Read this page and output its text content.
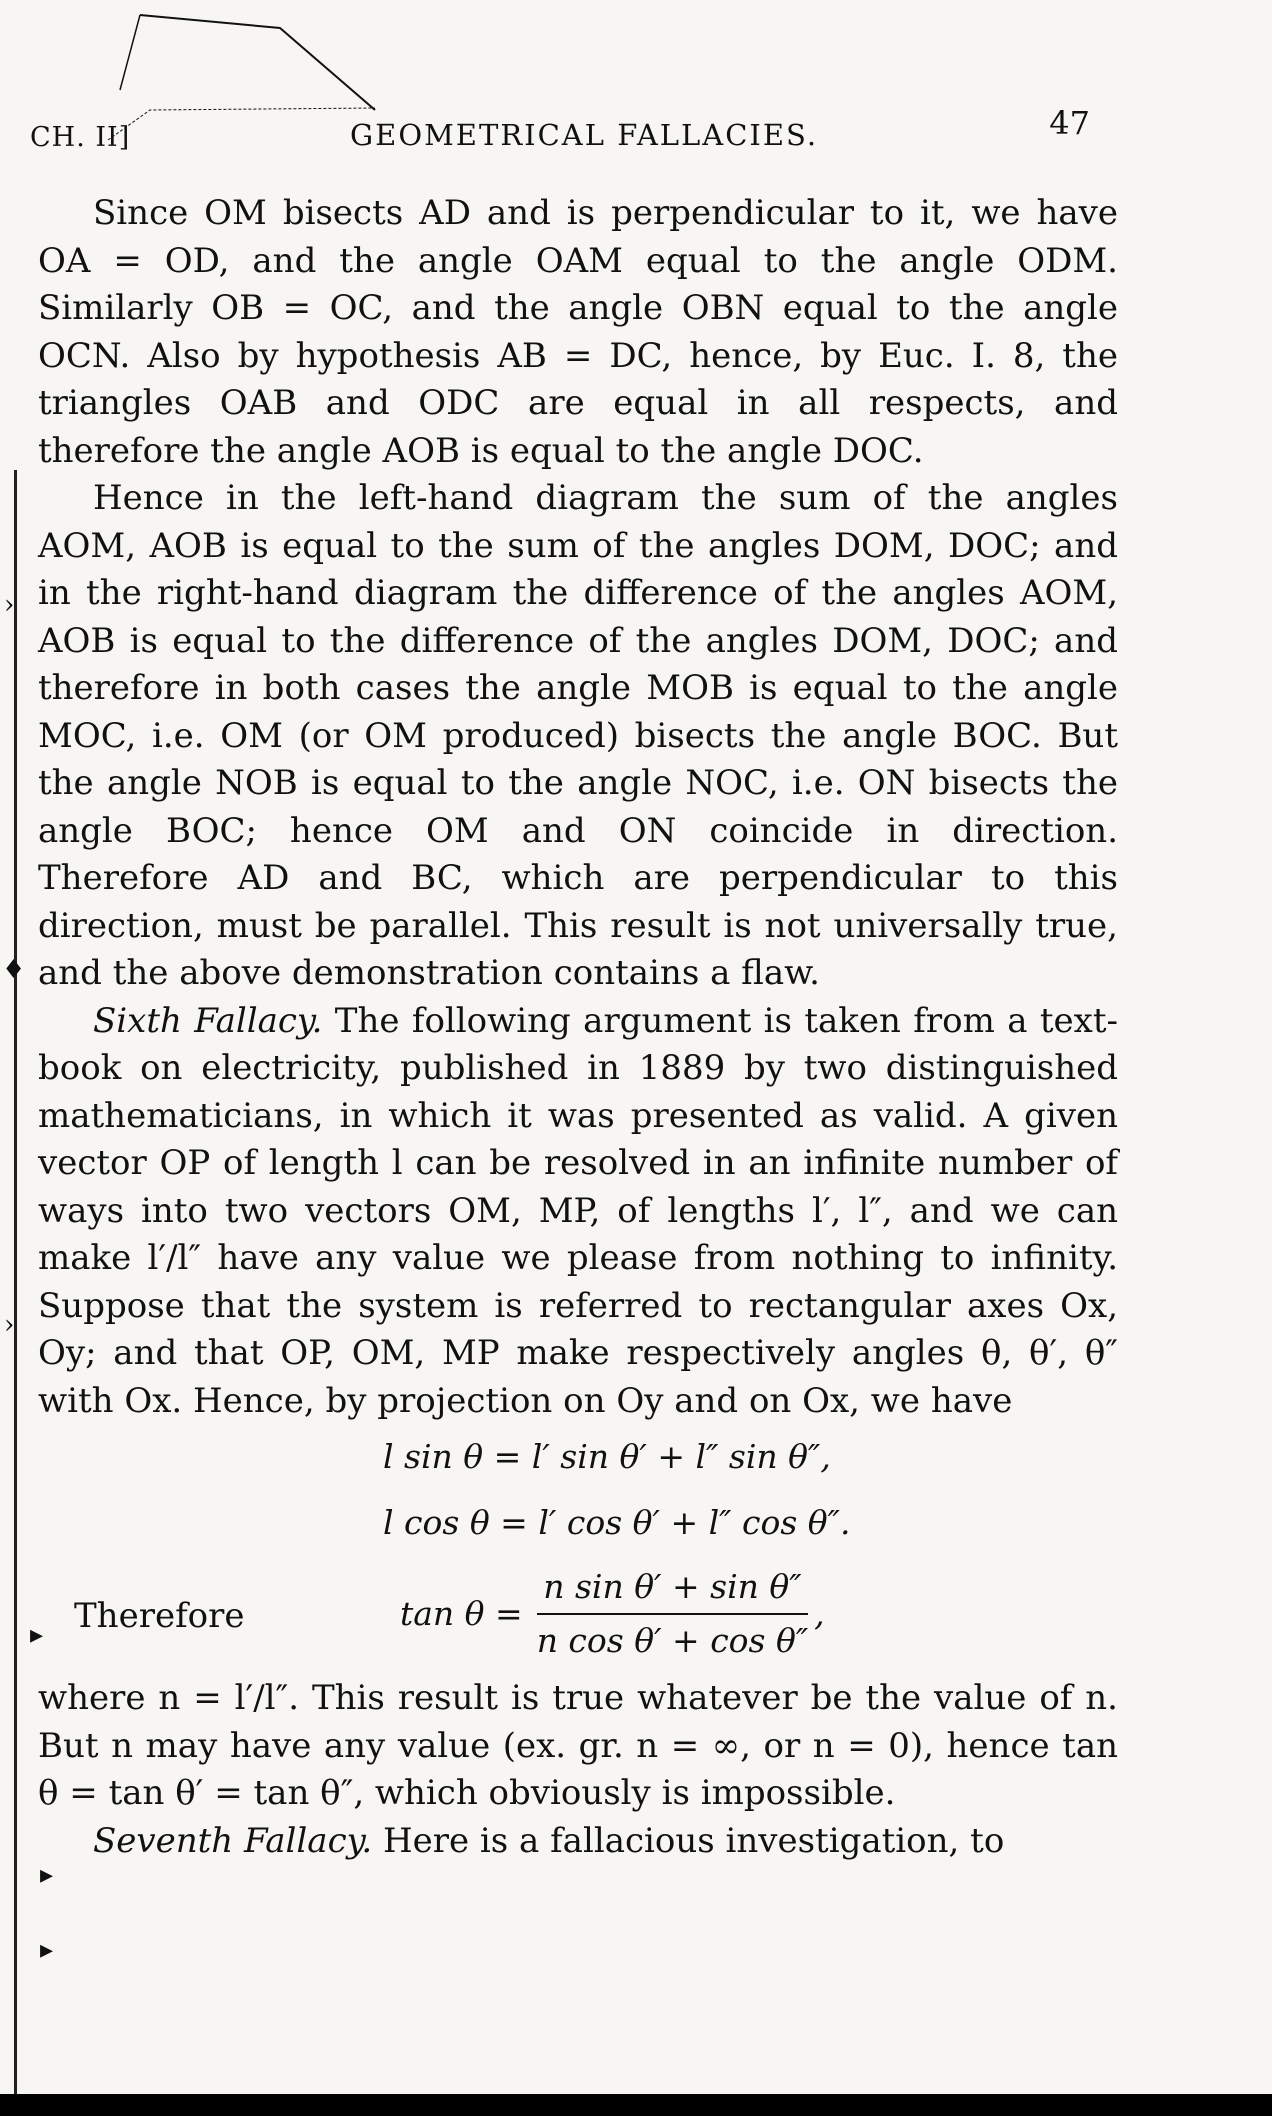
CH. II]	GEOMETRICAL FALLACIES.	47
›
♦
›
▸
▸
▸

Since OM bisects AD and is perpendicular to it, we have OA = OD, and the angle OAM equal to the angle ODM. Similarly OB = OC, and the angle OBN equal to the angle OCN. Also by hypothesis AB = DC, hence, by Euc. I. 8, the triangles OAB and ODC are equal in all respects, and therefore the angle AOB is equal to the angle DOC.

Hence in the left-hand diagram the sum of the angles AOM, AOB is equal to the sum of the angles DOM, DOC; and in the right-hand diagram the difference of the angles AOM, AOB is equal to the difference of the angles DOM, DOC; and therefore in both cases the angle MOB is equal to the angle MOC, i.e. OM (or OM produced) bisects the angle BOC. But the angle NOB is equal to the angle NOC, i.e. ON bisects the angle BOC; hence OM and ON coincide in direction. Therefore AD and BC, which are perpendicular to this direction, must be parallel. This result is not universally true, and the above demonstration contains a flaw.

Sixth Fallacy. The following argument is taken from a text-book on electricity, published in 1889 by two distinguished mathematicians, in which it was presented as valid. A given vector OP of length l can be resolved in an infinite number of ways into two vectors OM, MP, of lengths l′, l″, and we can make l′/l″ have any value we please from nothing to infinity. Suppose that the system is referred to rectangular axes Ox, Oy; and that OP, OM, MP make respectively angles θ, θ′, θ″ with Ox. Hence, by projection on Oy and on Ox, we have

l sin θ = l′ sin θ′ + l″ sin θ″,
l cos θ = l′ cos θ′ + l″ cos θ″.
Therefore	$\tan \theta = \frac{\text{n sin θ′ + sin θ″}}{\text{n cos θ′ + cos θ″}}$ ,

where n = l′/l″. This result is true whatever be the value of n. But n may have any value (ex. gr. n = ∞, or n = 0), hence tan θ = tan θ′ = tan θ″, which obviously is impossible.

Seventh Fallacy. Here is a fallacious investigation, to
